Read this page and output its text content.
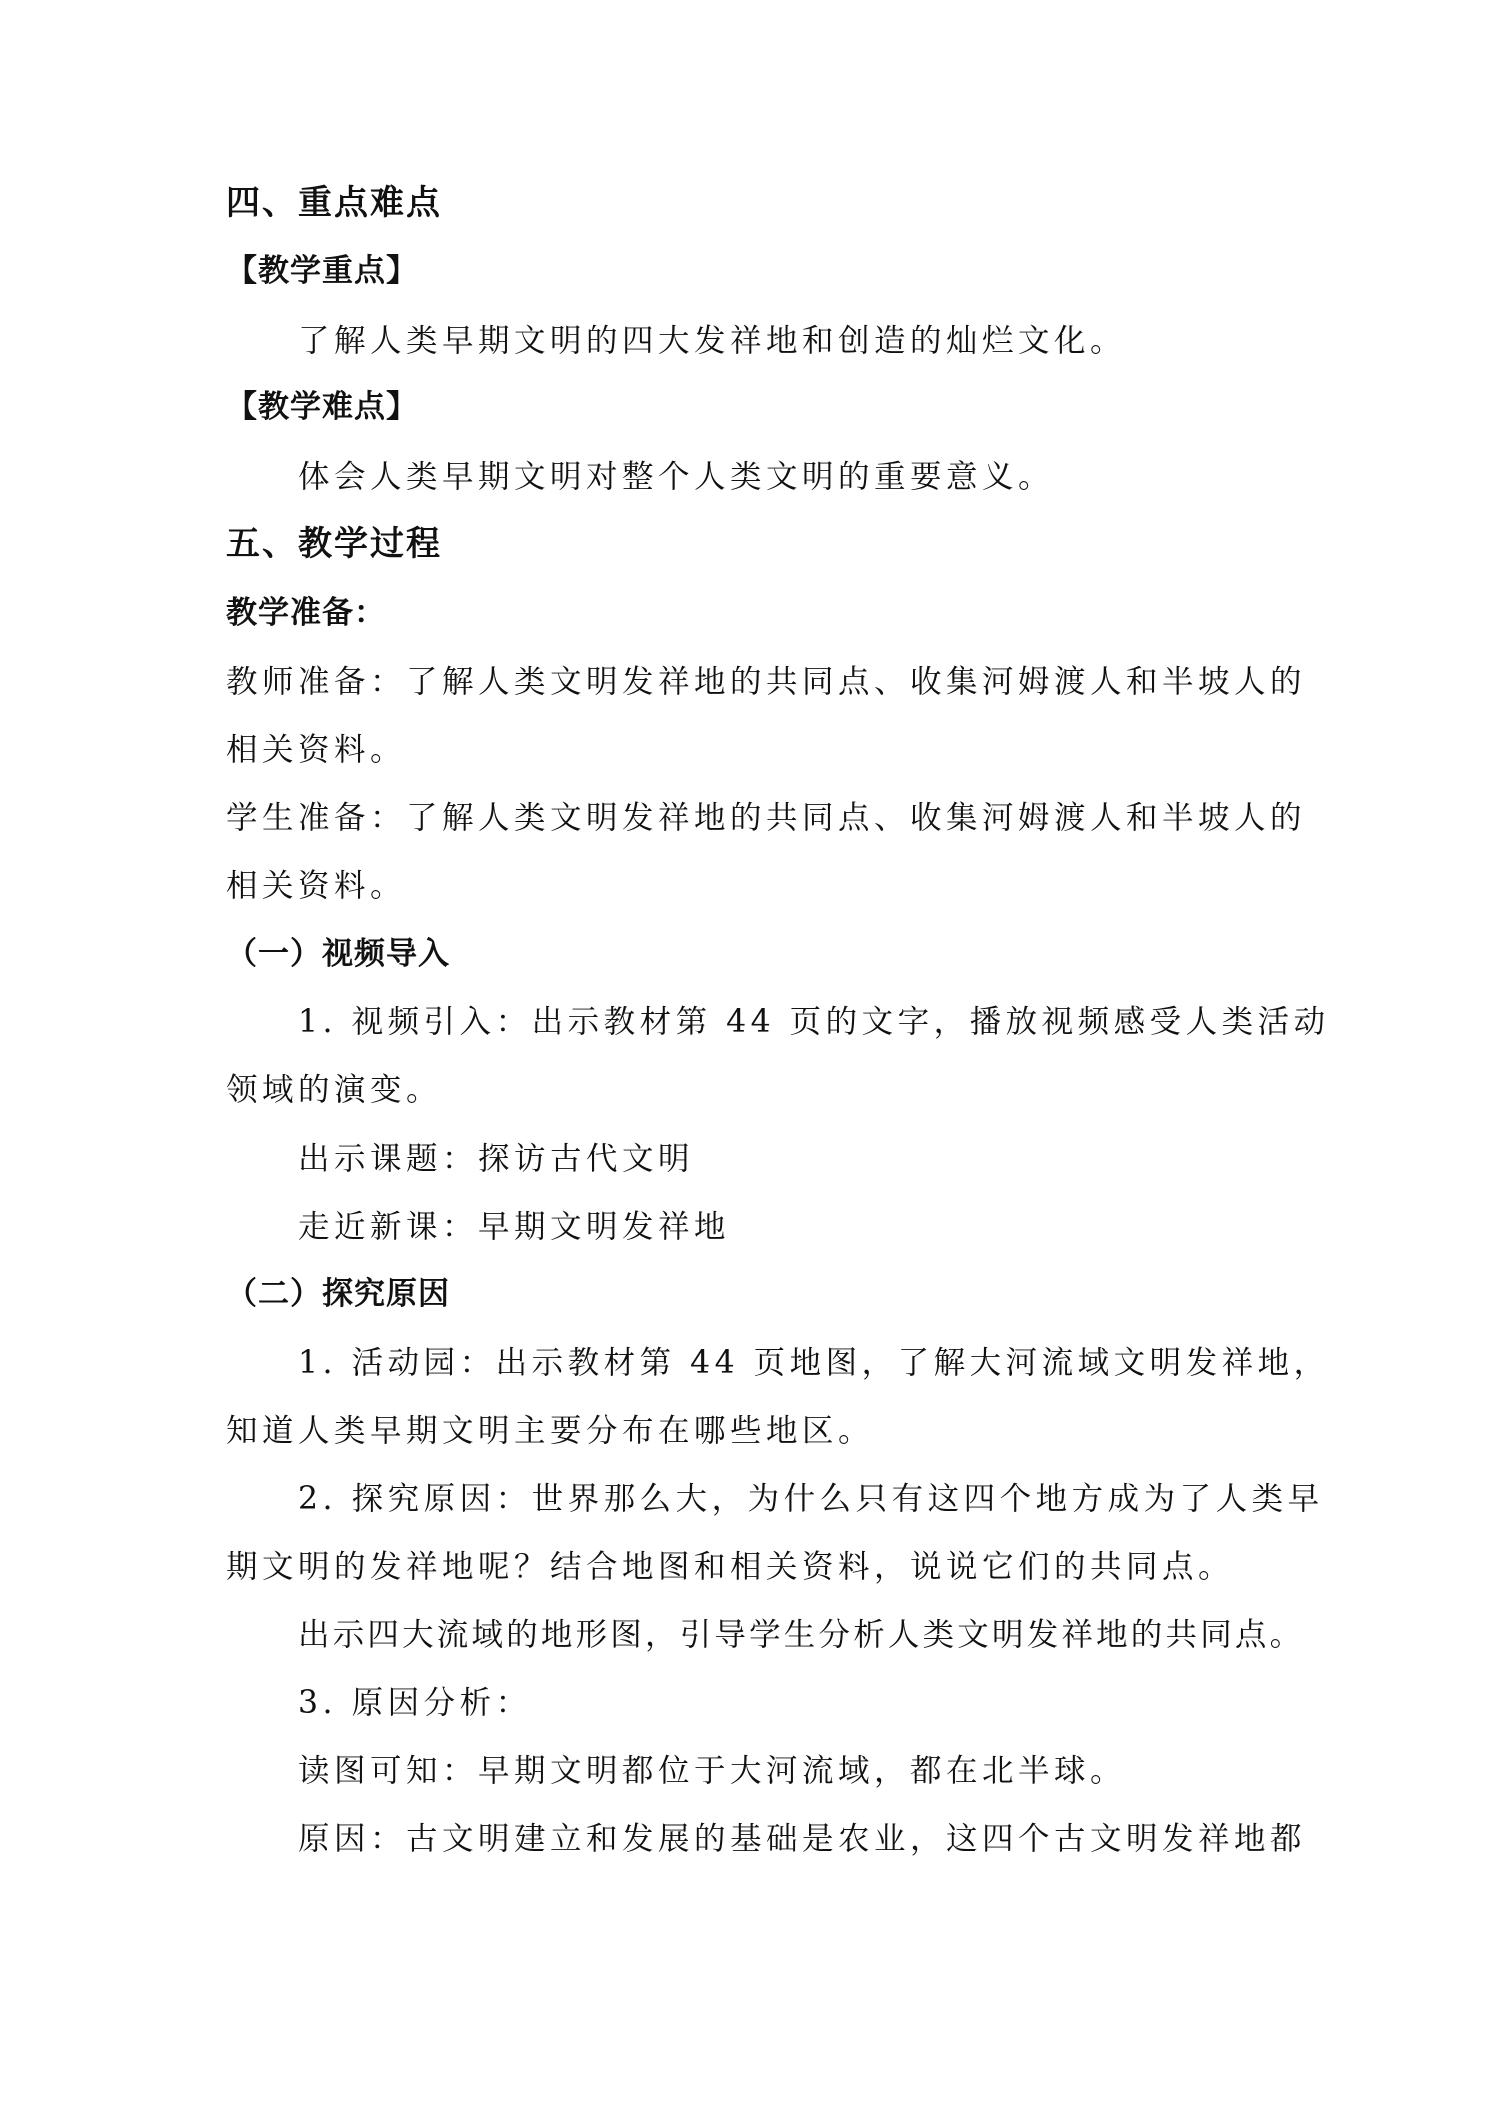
四、重点难点
【教学重点】
了解人类早期文明的四大发祥地和创造的灿烂文化。
【教学难点】
体会人类早期文明对整个人类文明的重要意义。
五、教学过程
教学准备：
教师准备：了解人类文明发祥地的共同点、收集河姆渡人和半坡人的
相关资料。
学生准备：了解人类文明发祥地的共同点、收集河姆渡人和半坡人的
相关资料。
（一）视频导入
1. 视频引入：出示教材第 44 页的文字，播放视频感受人类活动
领域的演变。
出示课题：探访古代文明
走近新课：早期文明发祥地
（二）探究原因
1. 活动园：出示教材第 44 页地图，了解大河流域文明发祥地，
知道人类早期文明主要分布在哪些地区。
2. 探究原因：世界那么大，为什么只有这四个地方成为了人类早
期文明的发祥地呢？结合地图和相关资料，说说它们的共同点。
出示四大流域的地形图，引导学生分析人类文明发祥地的共同点。
3. 原因分析：
读图可知：早期文明都位于大河流域，都在北半球。
原因：古文明建立和发展的基础是农业，这四个古文明发祥地都
